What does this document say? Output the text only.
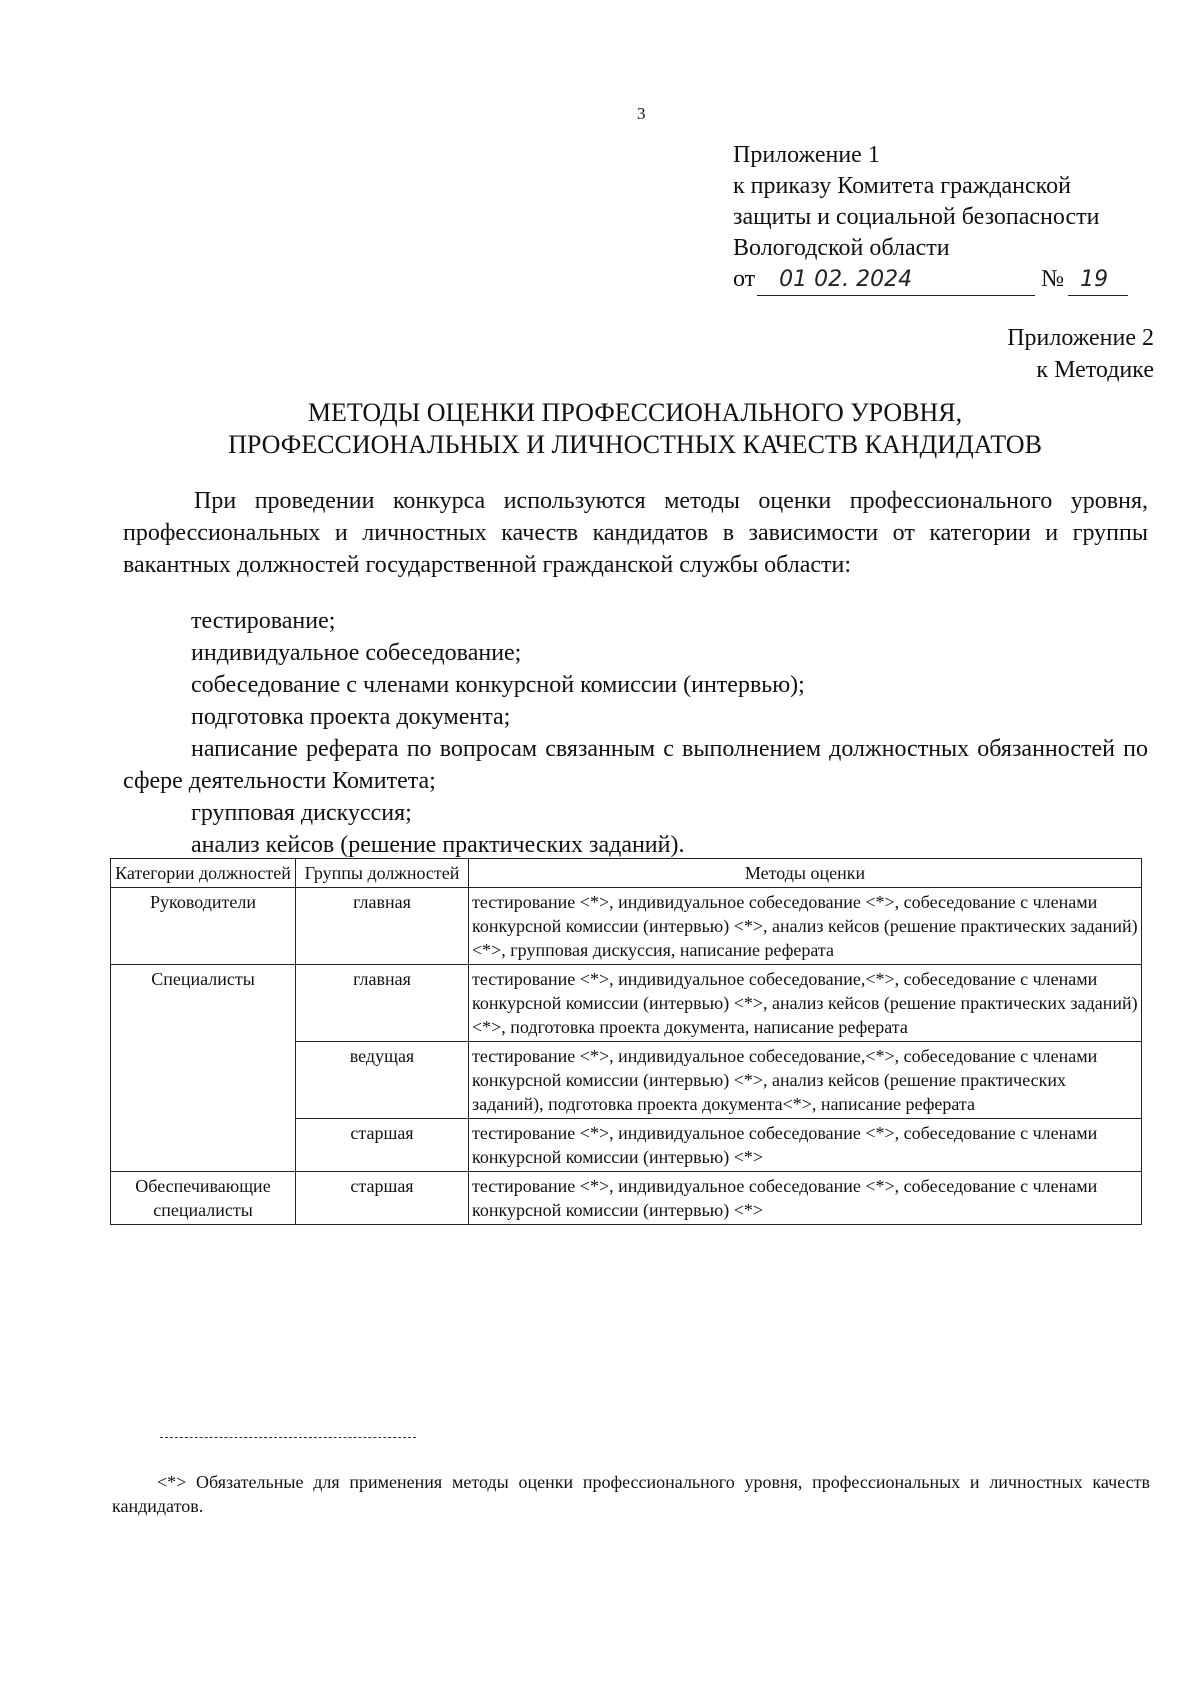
3
Приложение 1
к приказу Комитета гражданской
защиты и социальной безопасности
Вологодской области
от 01 02. 2024	№ 19
Приложение 2
к Методике
МЕТОДЫ ОЦЕНКИ ПРОФЕССИОНАЛЬНОГО УРОВНЯ,
ПРОФЕССИОНАЛЬНЫХ И ЛИЧНОСТНЫХ КАЧЕСТВ КАНДИДАТОВ

При проведении конкурса используются методы оценки профессионального уровня, профессиональных и личностных качеств кандидатов в зависимости от категории и группы вакантных должностей государственной гражданской службы области:

тестирование;
индивидуальное собеседование;
собеседование с членами конкурсной комиссии (интервью);
подготовка проекта документа;
написание реферата по вопросам связанным с выполнением должностных обязанностей по сфере деятельности Комитета;
групповая дискуссия;
анализ кейсов (решение практических заданий).
Категории должностей	Группы должностей	Методы оценки
Руководители	главная	тестирование <*>, индивидуальное собеседование <*>, собеседование с членами конкурсной комиссии (интервью) <*>, анализ кейсов (решение практических заданий) <*>, групповая дискуссия, написание реферата
Специалисты	главная	тестирование <*>, индивидуальное собеседование,<*>, собеседование с членами конкурсной комиссии (интервью) <*>, анализ кейсов (решение практических заданий) <*>, подготовка проекта документа, написание реферата
	ведущая	тестирование <*>, индивидуальное собеседование,<*>, собеседование с членами конкурсной комиссии (интервью) <*>, анализ кейсов (решение практических заданий), подготовка проекта документа<*>, написание реферата
	старшая	тестирование <*>, индивидуальное собеседование <*>, собеседование с членами конкурсной комиссии (интервью) <*>
Обеспечивающие специалисты	старшая	тестирование <*>, индивидуальное собеседование <*>, собеседование с членами конкурсной комиссии (интервью) <*>

<*> Обязательные для применения методы оценки профессионального уровня, профессиональных и личностных качеств кандидатов.
